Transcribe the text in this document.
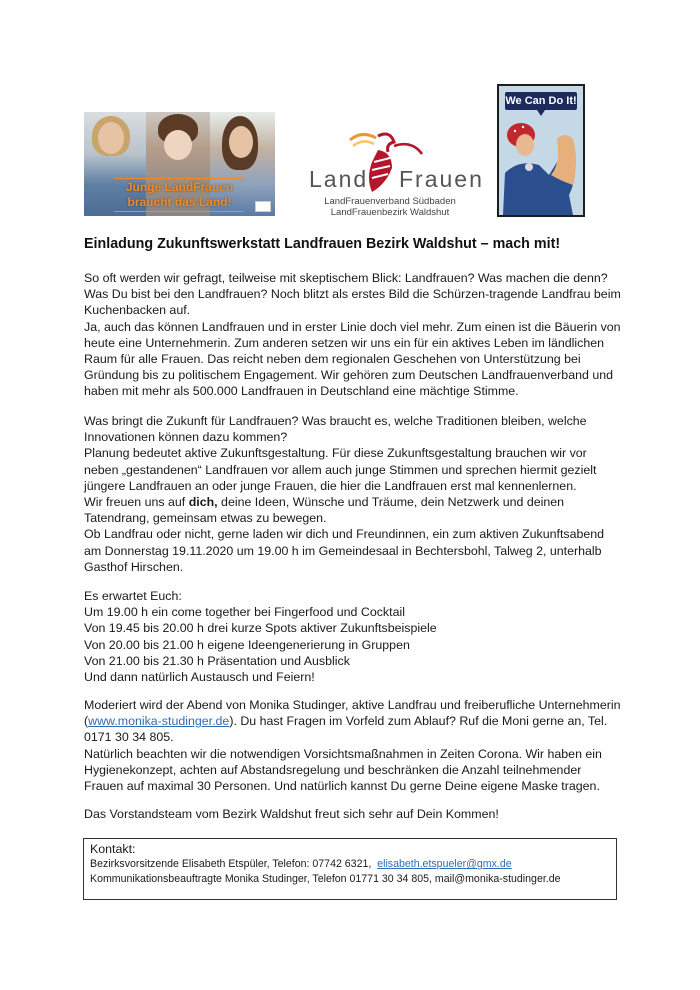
Junge LandFrauen
braucht das Land!
Land Frauen
LandFrauenverband Südbaden
LandFrauenbezirk Waldshut
We Can Do It!
Einladung Zukunftswerkstatt Landfrauen Bezirk Waldshut – mach mit!

So oft werden wir gefragt, teilweise mit skeptischem Blick: Landfrauen? Was machen die denn? Was Du bist bei den Landfrauen? Noch blitzt als erstes Bild die Schürzen-tragende Landfrau beim Kuchenbacken auf.

Ja, auch das können Landfrauen und in erster Linie doch viel mehr. Zum einen ist die Bäuerin von heute eine Unternehmerin. Zum anderen setzen wir uns ein für ein aktives Leben im ländlichen Raum für alle Frauen. Das reicht neben dem regionalen Geschehen von Unterstützung bei Gründung bis zu politischem Engagement. Wir gehören zum Deutschen Landfrauenverband und haben mit mehr als 500.000 Landfrauen in Deutschland eine mächtige Stimme.

Was bringt die Zukunft für Landfrauen? Was braucht es, welche Traditionen bleiben, welche Innovationen können dazu kommen?

Planung bedeutet aktive Zukunftsgestaltung. Für diese Zukunftsgestaltung brauchen wir vor neben „gestandenen“ Landfrauen vor allem auch junge Stimmen und sprechen hiermit gezielt jüngere Landfrauen an oder junge Frauen, die hier die Landfrauen erst mal kennenlernen.

Wir freuen uns auf dich, deine Ideen, Wünsche und Träume, dein Netzwerk und deinen Tatendrang, gemeinsam etwas zu bewegen.

Ob Landfrau oder nicht, gerne laden wir dich und Freundinnen, ein zum aktiven Zukunftsabend am Donnerstag 19.11.2020 um 19.00 h im Gemeindesaal in Bechtersbohl, Talweg 2, unterhalb Gasthof Hirschen.

Es erwartet Euch:

Um 19.00 h ein come together bei Fingerfood und Cocktail

Von 19.45 bis 20.00 h drei kurze Spots aktiver Zukunftsbeispiele

Von 20.00 bis 21.00 h eigene Ideengenerierung in Gruppen

Von 21.00 bis 21.30 h Präsentation und Ausblick

Und dann natürlich Austausch und Feiern!

Moderiert wird der Abend von Monika Studinger, aktive Landfrau und freiberufliche Unternehmerin (www.monika-studinger.de). Du hast Fragen im Vorfeld zum Ablauf? Ruf die Moni gerne an, Tel. 0171 30 34 805.

Natürlich beachten wir die notwendigen Vorsichtsmaßnahmen in Zeiten Corona. Wir haben ein Hygienekonzept, achten auf Abstandsregelung und beschränken die Anzahl teilnehmender Frauen auf maximal 30 Personen. Und natürlich kannst Du gerne Deine eigene Maske tragen.

Das Vorstandsteam vom Bezirk Waldshut freut sich sehr auf Dein Kommen!

Kontakt:
Bezirksvorsitzende Elisabeth Etspüler, Telefon: 07742 6321,  elisabeth.etspueler@gmx.de
Kommunikationsbeauftragte Monika Studinger, Telefon 01771 30 34 805, mail@monika-studinger.de
